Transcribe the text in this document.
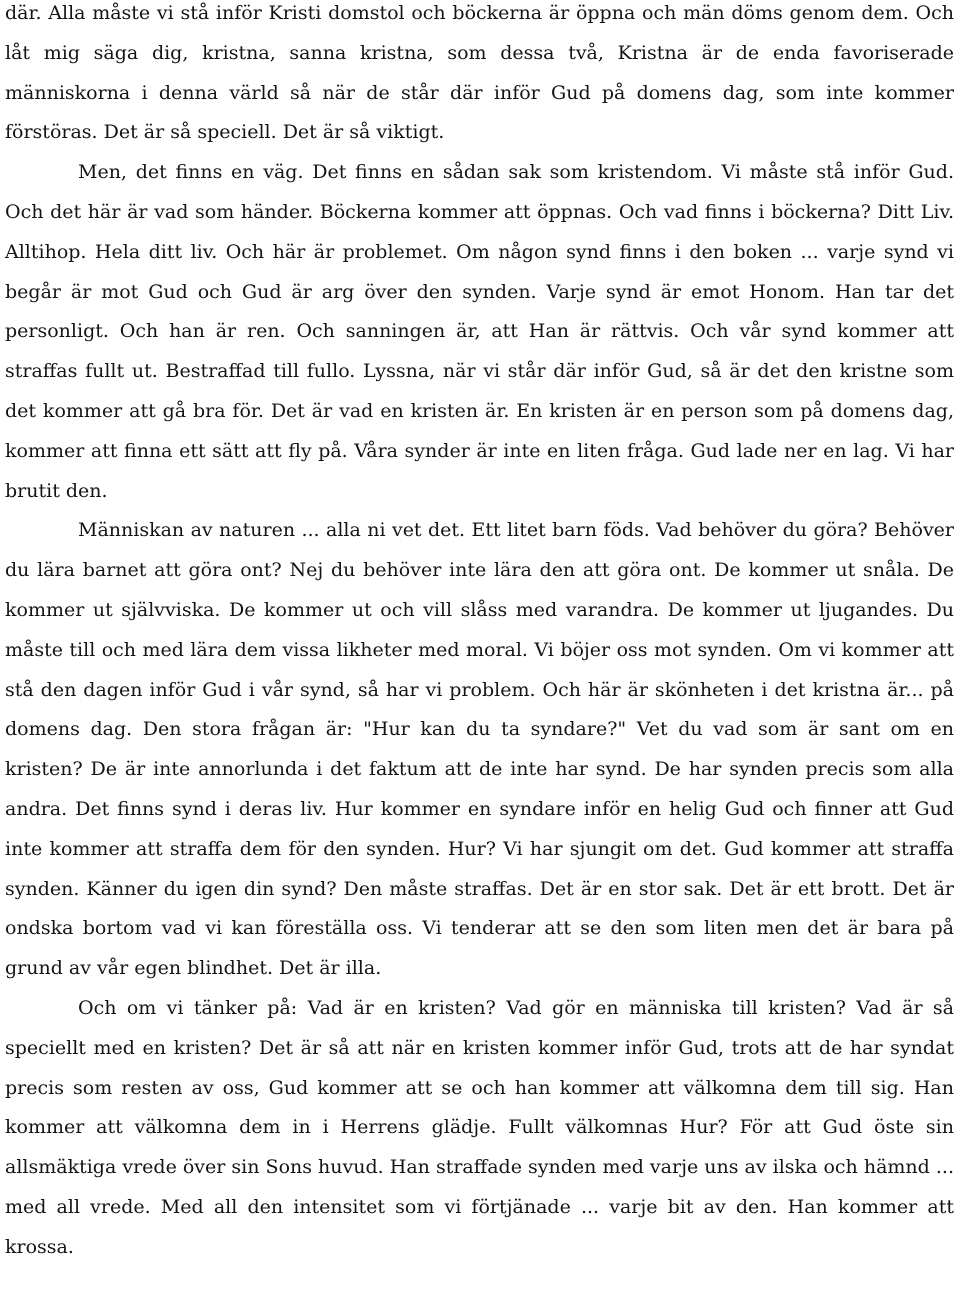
där. Alla måste vi stå inför Kristi domstol och böckerna är öppna och män döms genom dem. Och låt mig säga dig, kristna, sanna kristna, som dessa två, Kristna är de enda favoriserade människorna i denna värld så när de står där inför Gud på domens dag, som inte kommer förstöras. Det är så speciell. Det är så viktigt.

Men, det finns en väg. Det finns en sådan sak som kristendom. Vi måste stå inför Gud. Och det här är vad som händer. Böckerna kommer att öppnas. Och vad finns i böckerna? Ditt Liv. Alltihop. Hela ditt liv. Och här är problemet. Om någon synd finns i den boken ... varje synd vi begår är mot Gud och Gud är arg över den synden. Varje synd är emot Honom. Han tar det personligt. Och han är ren. Och sanningen är, att Han är rättvis. Och vår synd kommer att straffas fullt ut. Bestraffad till fullo. Lyssna, när vi står där inför Gud, så är det den kristne som det kommer att gå bra för. Det är vad en kristen är. En kristen är en person som på domens dag, kommer att finna ett sätt att fly på. Våra synder är inte en liten fråga. Gud lade ner en lag. Vi har brutit den.

Människan av naturen ... alla ni vet det. Ett litet barn föds. Vad behöver du göra? Behöver du lära barnet att göra ont? Nej du behöver inte lära den att göra ont. De kommer ut snåla. De kommer ut självviska. De kommer ut och vill slåss med varandra. De kommer ut ljugandes. Du måste till och med lära dem vissa likheter med moral. Vi böjer oss mot synden. Om vi kommer att stå den dagen inför Gud i vår synd, så har vi problem. Och här är skönheten i det kristna är... på domens dag. Den stora frågan är: "Hur kan du ta syndare?" Vet du vad som är sant om en kristen? De är inte annorlunda i det faktum att de inte har synd. De har synden precis som alla andra. Det finns synd i deras liv. Hur kommer en syndare inför en helig Gud och finner att Gud inte kommer att straffa dem för den synden. Hur? Vi har sjungit om det. Gud kommer att straffa synden. Känner du igen din synd? Den måste straffas. Det är en stor sak. Det är ett brott. Det är ondska bortom vad vi kan föreställa oss. Vi tenderar att se den som liten men det är bara på grund av vår egen blindhet. Det är illa.

Och om vi tänker på: Vad är en kristen? Vad gör en människa till kristen? Vad är så speciellt med en kristen? Det är så att när en kristen kommer inför Gud, trots att de har syndat precis som resten av oss, Gud kommer att se och han kommer att välkomna dem till sig. Han kommer att välkomna dem in i Herrens glädje. Fullt välkomnas Hur? För att Gud öste sin allsmäktiga vrede över sin Sons huvud. Han straffade synden med varje uns av ilska och hämnd ... med all vrede. Med all den intensitet som vi förtjänade ... varje bit av den. Han kommer att krossa.
